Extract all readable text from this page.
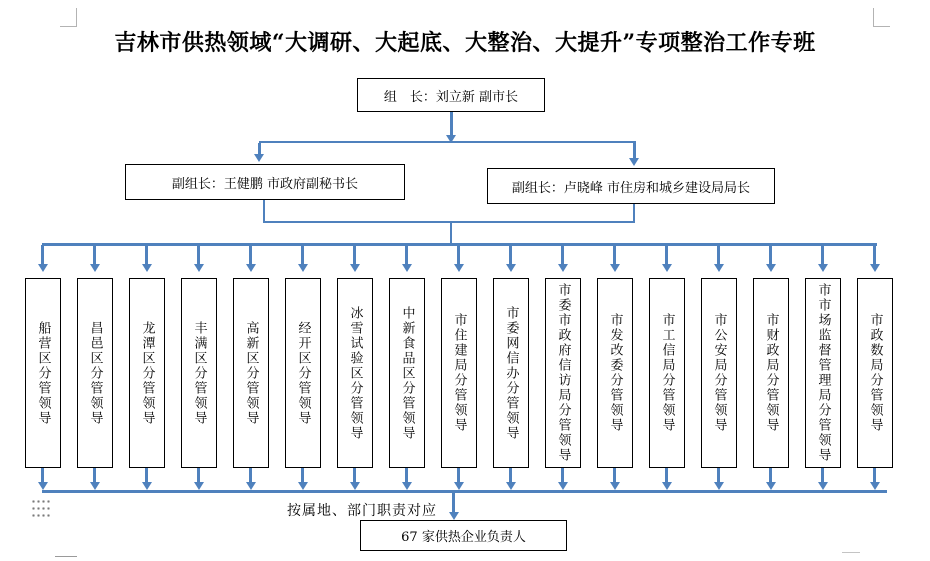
吉林市供热领域“大调研、大起底、大整治、大提升”专项整治工作专班
组　长：刘立新 副市长
副组长：王健鹏 市政府副秘书长	副组长：卢晓峰 市住房和城乡建设局局长
船营区分管领导	昌邑区分管领导	龙潭区分管领导	丰满区分管领导	高新区分管领导	经开区分管领导	冰雪试验区分管领导	中新食品区分管领导	市住建局分管领导	市委网信办分管领导	市委市政府信访局分管领导	市发改委分管领导	市工信局分管领导	市公安局分管领导	市财政局分管领导	市市场监督管理局分管领导	市政数局分管领导
按属地、部门职责对应
67 家供热企业负责人
